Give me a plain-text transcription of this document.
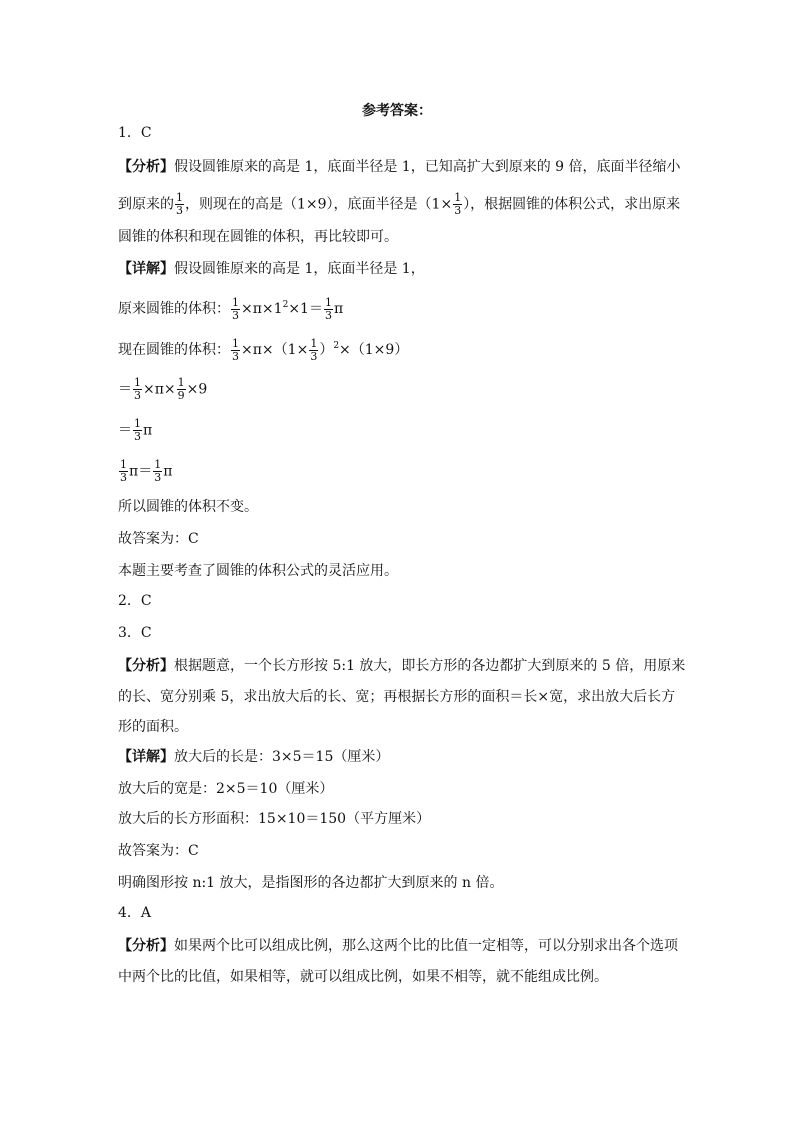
参考答案：
1．C
【分析】假设圆锥原来的高是 1，底面半径是 1，已知高扩大到原来的 9 倍，底面半径缩小
到原来的 $\frac{1}{3}$ ，则现在的高是（1×9），底面半径是（$1\times \frac{1}{3}$ ），根据圆锥的体积公式，求出原来
圆锥的体积和现在圆锥的体积，再比较即可。
【详解】假设圆锥原来的高是 1，底面半径是 1，
原来圆锥的体积： $\frac{1}{3} \times\pi\times 1^2\times 1= \frac{1}{3}$ π
现在圆锥的体积： $\frac{1}{3} \times\pi\times(1\times \frac{1}{3} )^2\times(1\times 9)$
＝ $\frac{1}{3} \times\pi\times \frac{1}{9} \times 9$
＝ $\frac{1}{3}$ π
$\frac{1}{3} \pi= \frac{1}{3}$ π
所以圆锥的体积不变。
故答案为：C
本题主要考查了圆锥的体积公式的灵活应用。
2．C
3．C
【分析】根据题意，一个长方形按 5:1 放大，即长方形的各边都扩大到原来的 5 倍，用原来
的长、宽分别乘 5，求出放大后的长、宽；再根据长方形的面积＝长×宽，求出放大后长方
形的面积。
【详解】放大后的长是：3×5＝15（厘米）
放大后的宽是：2×5＝10（厘米）
放大后的长方形面积：15×10＝150（平方厘米）
故答案为：C
明确图形按 n:1 放大，是指图形的各边都扩大到原来的 n 倍。
4．A
【分析】如果两个比可以组成比例，那么这两个比的比值一定相等，可以分别求出各个选项
中两个比的比值，如果相等，就可以组成比例，如果不相等，就不能组成比例。
